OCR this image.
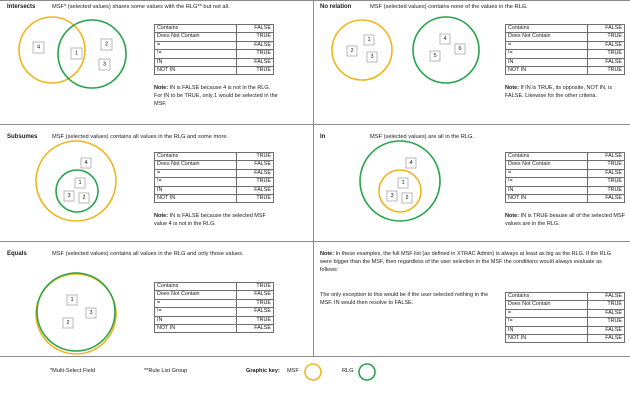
Intersects	MSF* (selected values) shares some values with the RLG** but not all.
4
1
2
3
Contains	FALSE
Does Not Contain	TRUE
=	FALSE
!=	TRUE
IN	FALSE
NOT IN	TRUE
Note: IN is FALSE because 4 is not in the RLG. For IN to be TRUE, only 1 would be selected in the MSF.
No relation	MSF (selected values) contains none of the values in the RLG.
1
2
3
4
5
6
Contains	FALSE
Does Not Contain	TRUE
=	FALSE
!=	TRUE
IN	FALSE
NOT IN	TRUE
Note: If IN is TRUE, its opposite, NOT IN, is FALSE. Likewise for the other criteria.
Subsumes	MSF (selected values) contains all values in the RLG and some more.
4
1
3 2
Contains	TRUE
Does Not Contain	FALSE
=	FALSE
!=	TRUE
IN	FALSE
NOT IN	TRUE
Note: IN is FALSE because the selected MSF value 4 is not in the RLG.
In	MSF (selected values) are all in the RLG.
4
1
3 2
Contains	FALSE
Does Not Contain	TRUE
=	FALSE
!=	TRUE
IN	TRUE
NOT IN	FALSE
Note: IN is TRUE beause all of the selected MSF values are in the RLG.
Equals	MSF (selected values) contains all values in the RLG and only those values.
1
3
2
Contains	TRUE
Does Not Contain	FALSE
=	TRUE
!=	FALSE
IN	TRUE
NOT IN	FALSE
Note: In these examples, the full MSF list (as defined in XTRAC Admin) is always at least as big as the RLG. If the RLG were bigger than the MSF, then regardless of the user selection in the MSF the conditions would always evaluate as follows:
The only exception to this would be if the user selected nothing in the MSF. IN would then resolve to FALSE.
Contains	FALSE
Does Not Contain	TRUE
=	FALSE
!=	TRUE
IN	FALSE
NOT IN	FALSE
*Multi-Select Field	**Rule List Group	Graphic key: MSF	RLG
